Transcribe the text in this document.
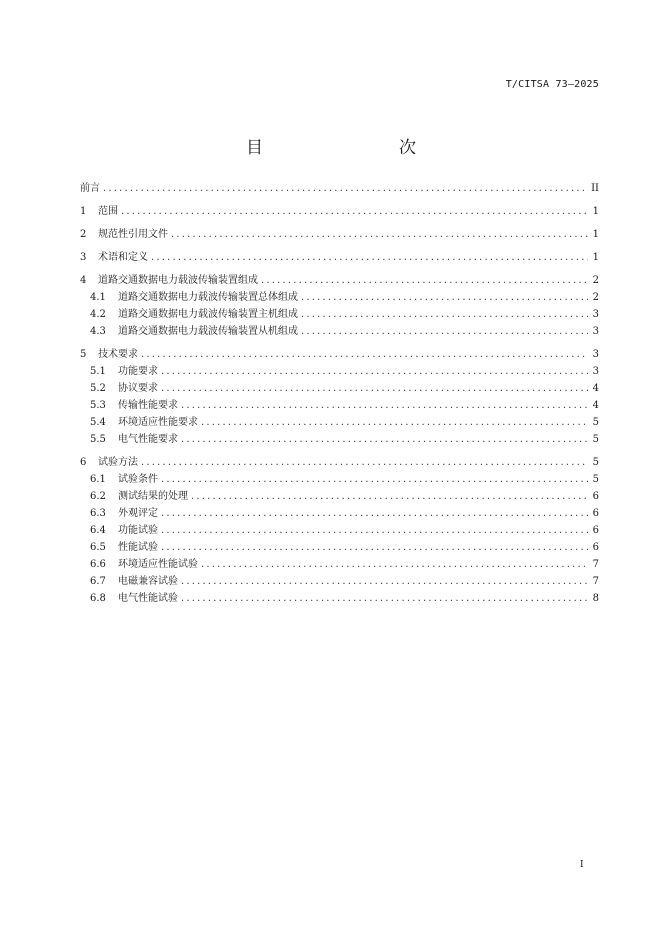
T/CITSA 73—2025
目　　次
前言 .....	II
1	范围 .....	1
2	规范性引用文件 .....	1
3	术语和定义 .....	1
4	道路交通数据电力载波传输装置组成 .....	2
4.1	道路交通数据电力载波传输装置总体组成 .....	2
4.2	道路交通数据电力载波传输装置主机组成 .....	3
4.3	道路交通数据电力载波传输装置从机组成 .....	3
5	技术要求 .....	3
5.1	功能要求 .....	3
5.2	协议要求 .....	4
5.3	传输性能要求 .....	4
5.4	环境适应性能要求 .....	5
5.5	电气性能要求 .....	5
6	试验方法 .....	5
6.1	试验条件 .....	5
6.2	测试结果的处理 .....	6
6.3	外观评定 .....	6
6.4	功能试验 .....	6
6.5	性能试验 .....	6
6.6	环境适应性能试验 .....	7
6.7	电磁兼容试验 .....	7
6.8	电气性能试验 .....	8
I
